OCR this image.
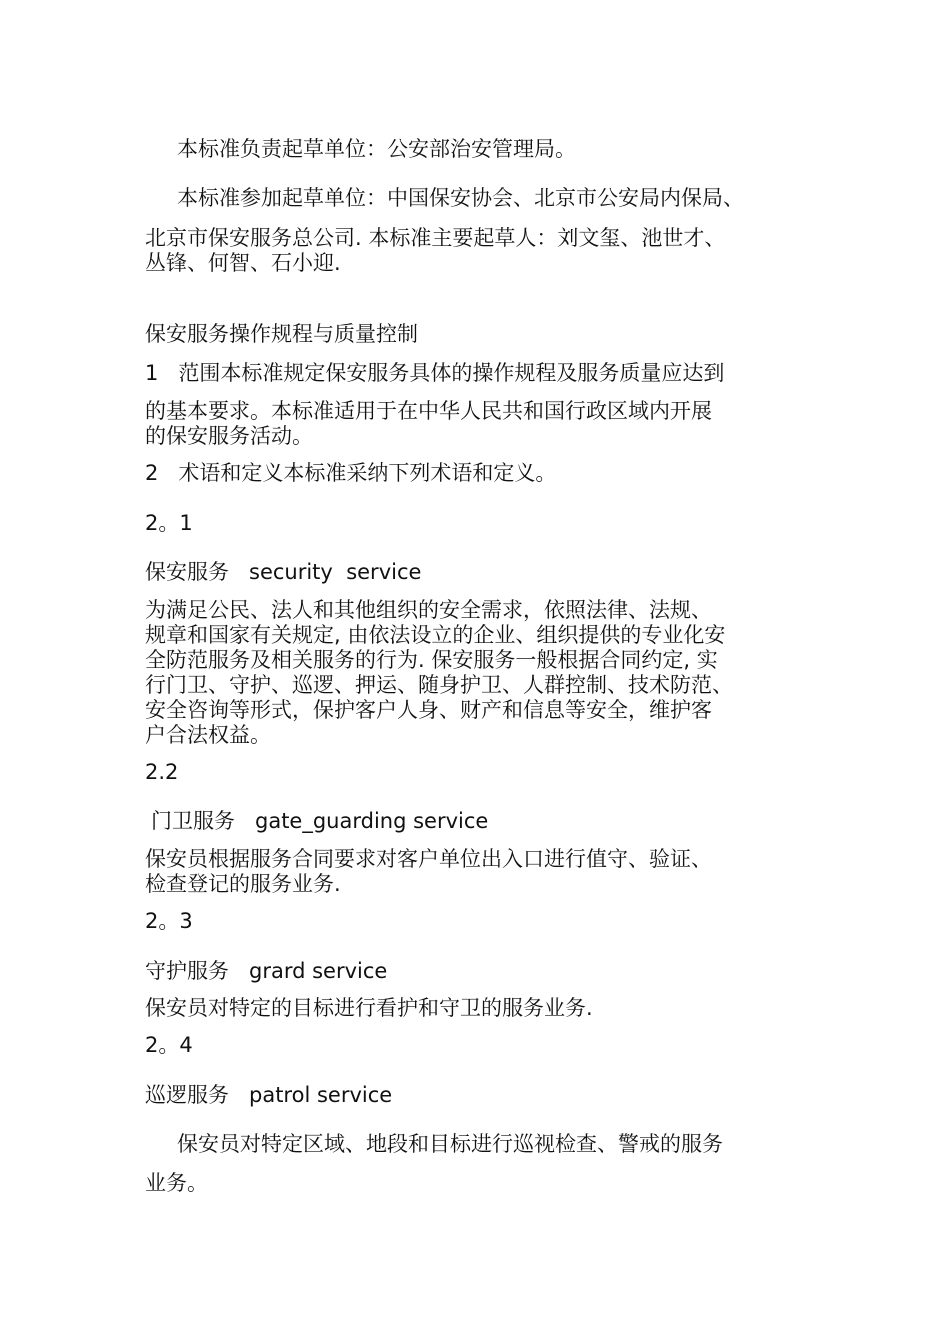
本标准负责起草单位：公安部治安管理局。
本标准参加起草单位：中国保安协会、北京市公安局内保局、
北京市保安服务总公司. 本标准主要起草人：刘文玺、池世才、
丛锋、何智、石小迎.
保安服务操作规程与质量控制
1 范围本标准规定保安服务具体的操作规程及服务质量应达到
的基本要求。本标准适用于在中华人民共和国行政区域内开展
的保安服务活动。
2 术语和定义本标准采纳下列术语和定义。
2。1
保安服务 security  service
为满足公民、法人和其他组织的安全需求，依照法律、法规、
规章和国家有关规定, 由依法设立的企业、组织提供的专业化安
全防范服务及相关服务的行为. 保安服务一般根据合同约定, 实
行门卫、守护、巡逻、押运、随身护卫、人群控制、技术防范、
安全咨询等形式，保护客户人身、财产和信息等安全，维护客
户合法权益。
2.2
门卫服务 gate_guarding service
保安员根据服务合同要求对客户单位出入口进行值守、验证、
检查登记的服务业务.
2。3
守护服务 grard service
保安员对特定的目标进行看护和守卫的服务业务.
2。4
巡逻服务 patrol service
保安员对特定区域、地段和目标进行巡视检查、警戒的服务
业务。
